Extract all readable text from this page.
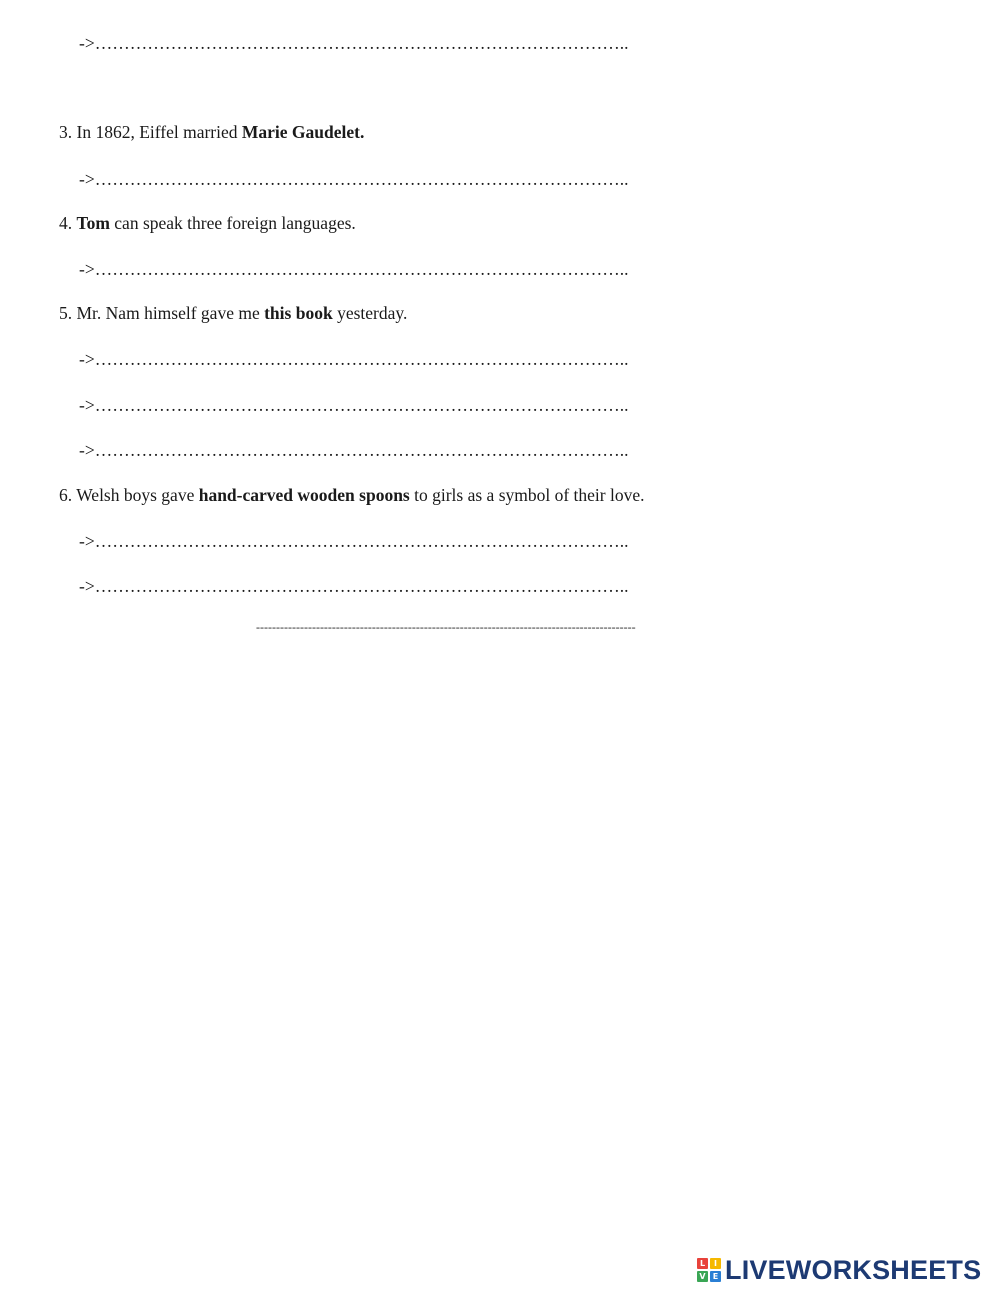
->………………………………………………………………………………..
3. In 1862, Eiffel married Marie Gaudelet.
->………………………………………………………………………………..
4. Tom can speak three foreign languages.
->………………………………………………………………………………..
5. Mr. Nam himself gave me this book yesterday.
->………………………………………………………………………………..
->………………………………………………………………………………..
->………………………………………………………………………………..
6. Welsh boys gave hand-carved wooden spoons to girls as a symbol of their love.
->………………………………………………………………………………..
->………………………………………………………………………………..
-----------------------------------------------------------------------------------------------
L	I
V E LIVEWORKSHEETS
